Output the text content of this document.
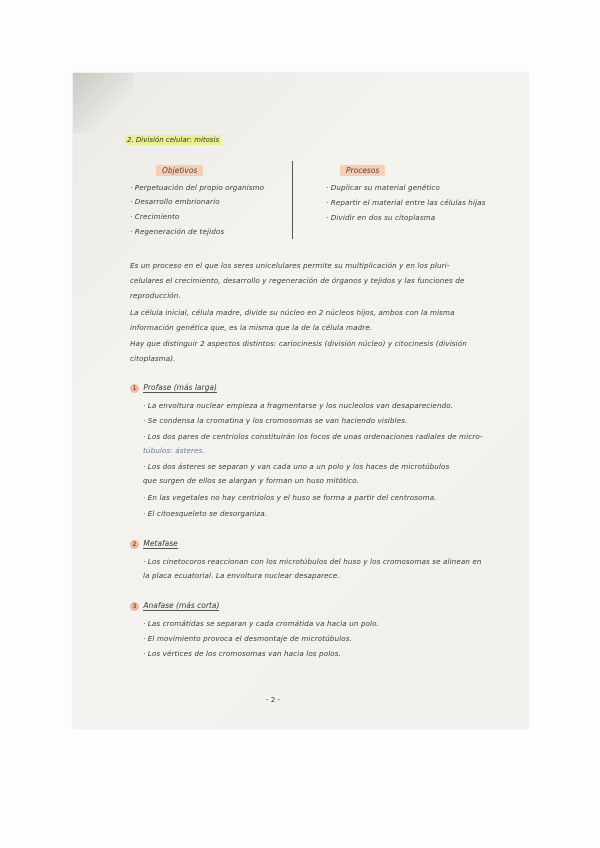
2. División celular: mitosis
Objetivos
· Perpetuación del propio organismo
· Desarrollo embrionario
· Crecimiento
· Regeneración de tejidos
Procesos
· Duplicar su material genético
· Repartir el material entre las células hijas
· Dividir en dos su citoplasma
Es un proceso en el que los seres unicelulares permite su multiplicación y en los pluri-
celulares el crecimiento, desarrollo y regeneración de órganos y tejidos y las funciones de
reproducción.
La célula inicial, célula madre, divide su núcleo en 2 núcleos hijos, ambos con la misma
información genética que, es la misma que la de la célula madre.
Hay que distinguir 2 aspectos distintos: cariocinesis (división núcleo) y citocinesis (división
citoplasma).
1 Profase (más larga)
· La envoltura nuclear empieza a fragmentarse y los nucleolos van desapareciendo.
· Se condensa la cromatina y los cromosomas se van haciendo visibles.
· Los dos pares de centriolos constituirán los focos de unas ordenaciones radiales de micro-
túbulos: ásteres.
· Los dos ásteres se separan y van cada uno a un polo y los haces de microtúbulos
que surgen de ellos se alargan y forman un huso mitótico.
· En las vegetales no hay centriolos y el huso se forma a partir del centrosoma.
· El citoesqueleto se desorganiza.
2 Metafase
· Los cinetocoros reaccionan con los microtúbulos del huso y los cromosomas se alinean en
la placa ecuatorial. La envoltura nuclear desaparece.
3 Anafase (más corta)
· Las cromátidas se separan y cada cromátida va hacia un polo.
· El movimiento provoca el desmontaje de microtúbulos.
· Los vértices de los cromosomas van hacia los polos.
- 2 -
